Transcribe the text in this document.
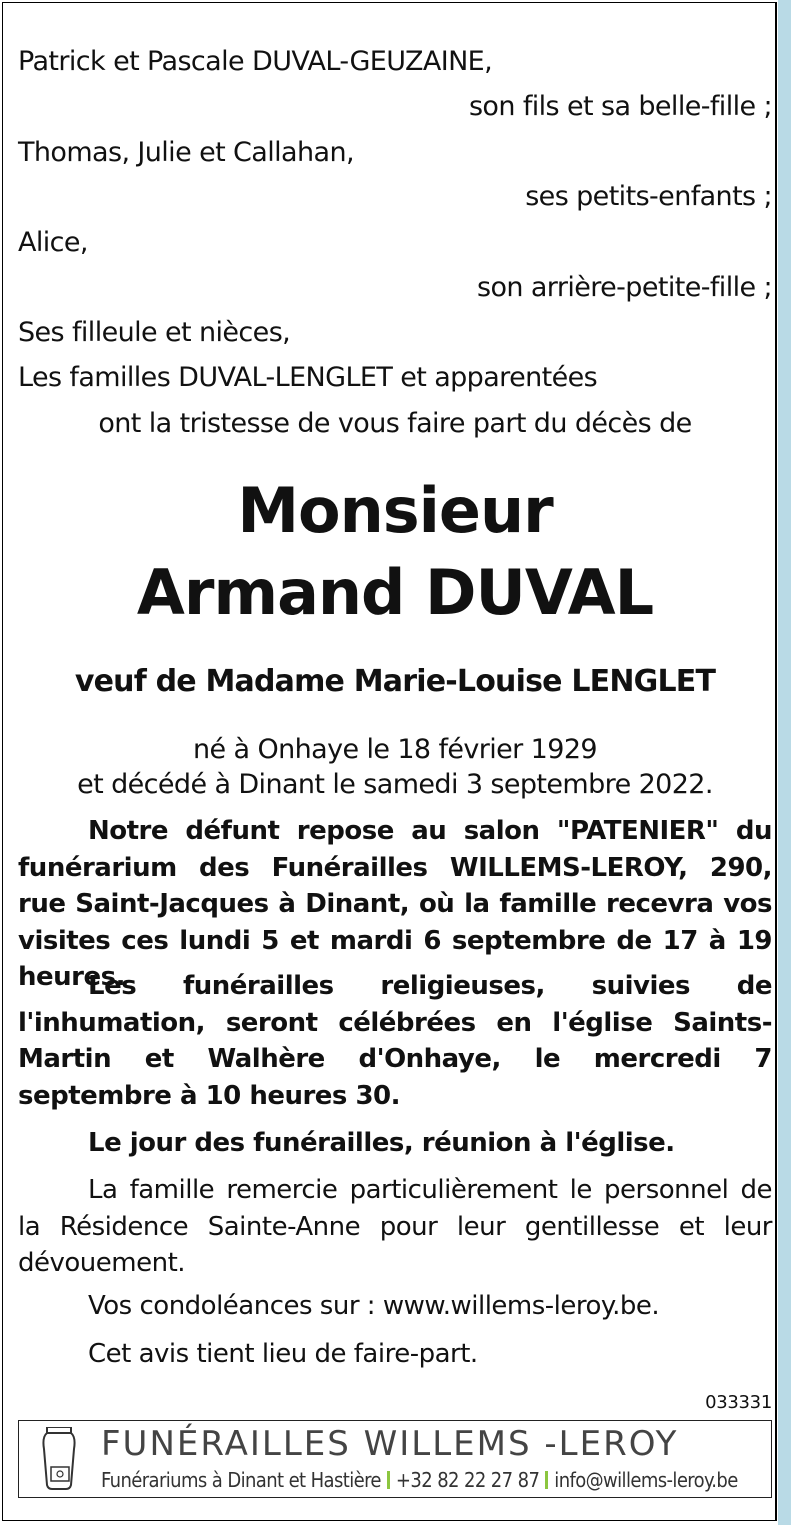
Patrick et Pascale DUVAL-GEUZAINE,
son fils et sa belle-fille ;
Thomas, Julie et Callahan,
ses petits-enfants ;
Alice,
son arrière-petite-fille ;
Ses filleule et nièces,
Les familles DUVAL-LENGLET et apparentées
ont la tristesse de vous faire part du décès de
Monsieur
Armand DUVAL
veuf de Madame Marie-Louise LENGLET
né à Onhaye le 18 février 1929
et décédé à Dinant le samedi 3 septembre 2022.
Notre défunt repose au salon "PATENIER" du funérarium des Funérailles WILLEMS-LEROY, 290, rue Saint-Jacques à Dinant, où la famille recevra vos visites ces lundi 5 et mardi 6 septembre de 17 à 19 heures.
Les funérailles religieuses, suivies de l'inhumation, seront célébrées en l'église Saints-Martin et Walhère d'Onhaye, le mercredi 7 septembre à 10 heures 30.
Le jour des funérailles, réunion à l'église.
La famille remercie particulièrement le personnel de la Résidence Sainte-Anne pour leur gentillesse et leur dévouement.
Vos condoléances sur : www.willems-leroy.be.
Cet avis tient lieu de faire-part.
033331
FUNÉRAILLES WILLEMS -LEROY
Funérariums à Dinant et Hastière +32 82 22 27 87 info@willems-leroy.be
